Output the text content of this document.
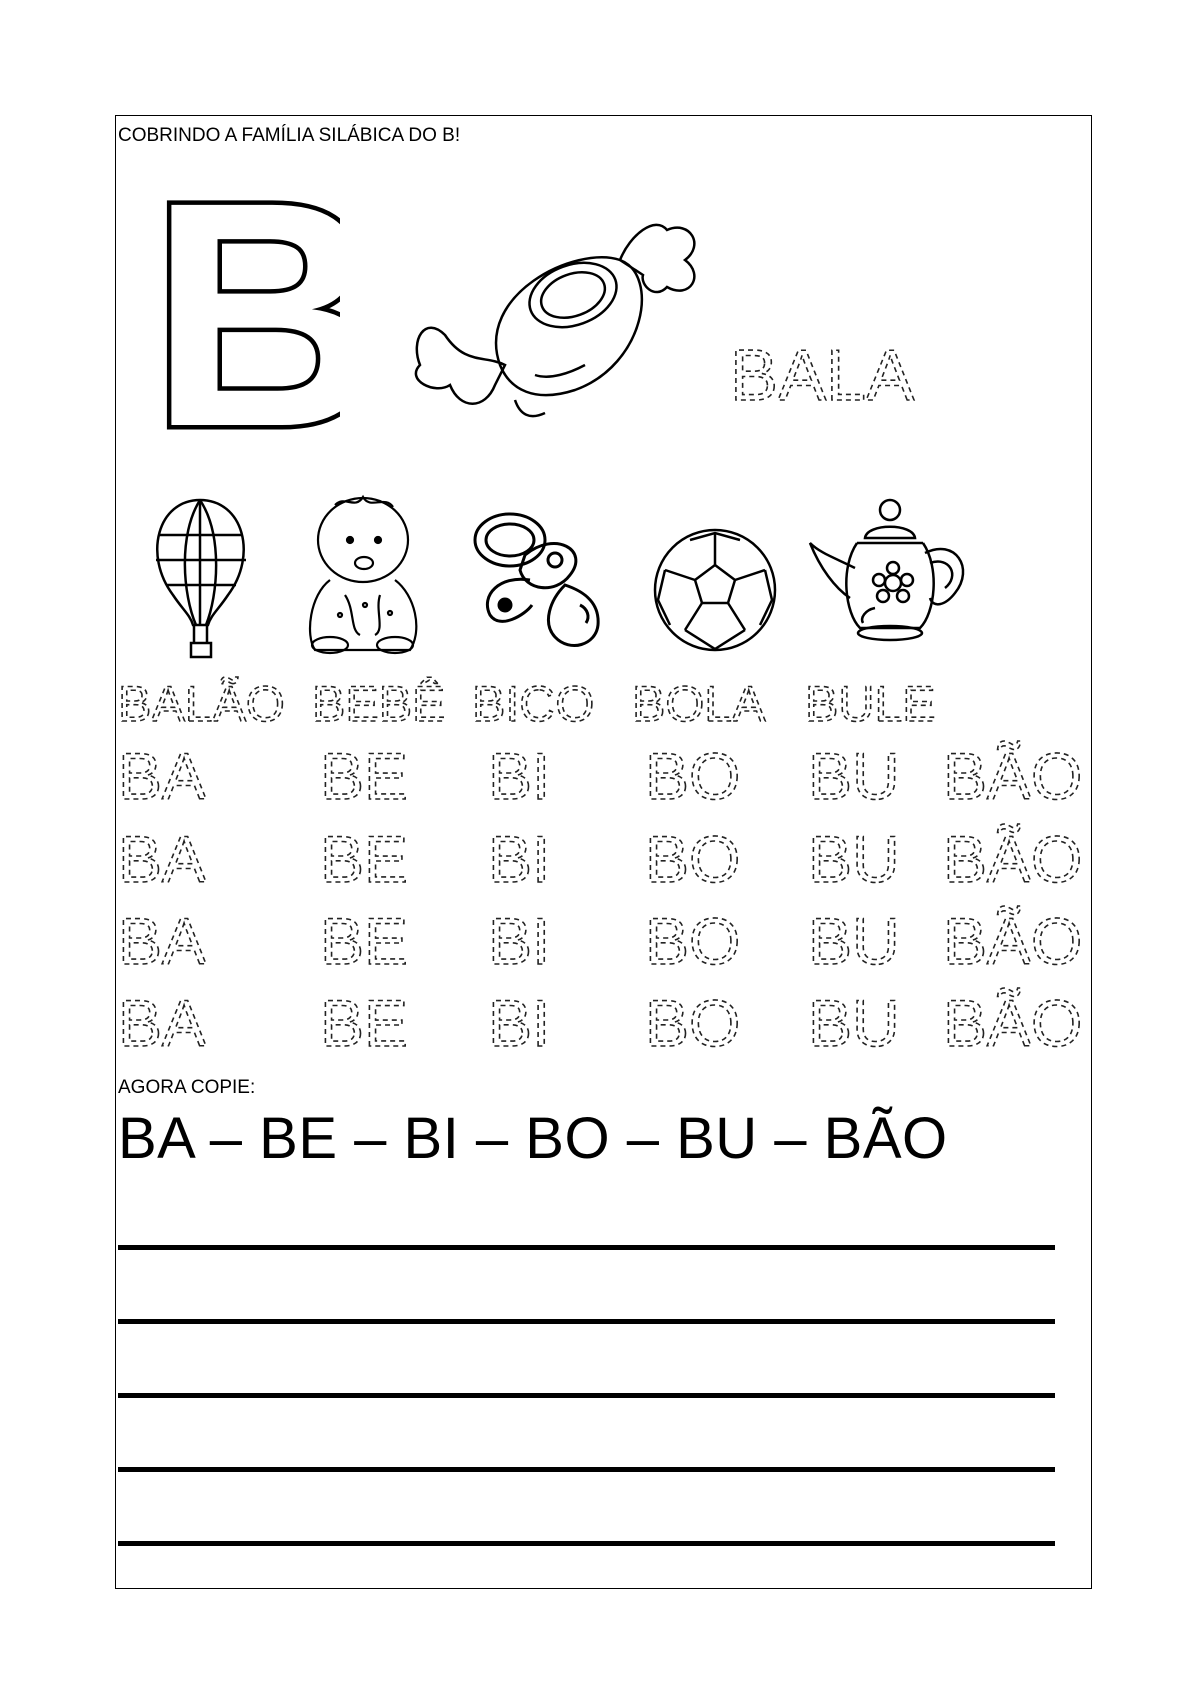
COBRINDO A FAMÍLIA SILÁBICA DO B!
B	BALA
BALÃO BEBÊ BICO BOLA BULE
BA BE BI BO BU BÃO
BA BE BI BO BU BÃO
BA BE BI BO BU BÃO
BA BE BI BO BU BÃO
AGORA COPIE:
BA – BE – BI – BO – BU – BÃO
